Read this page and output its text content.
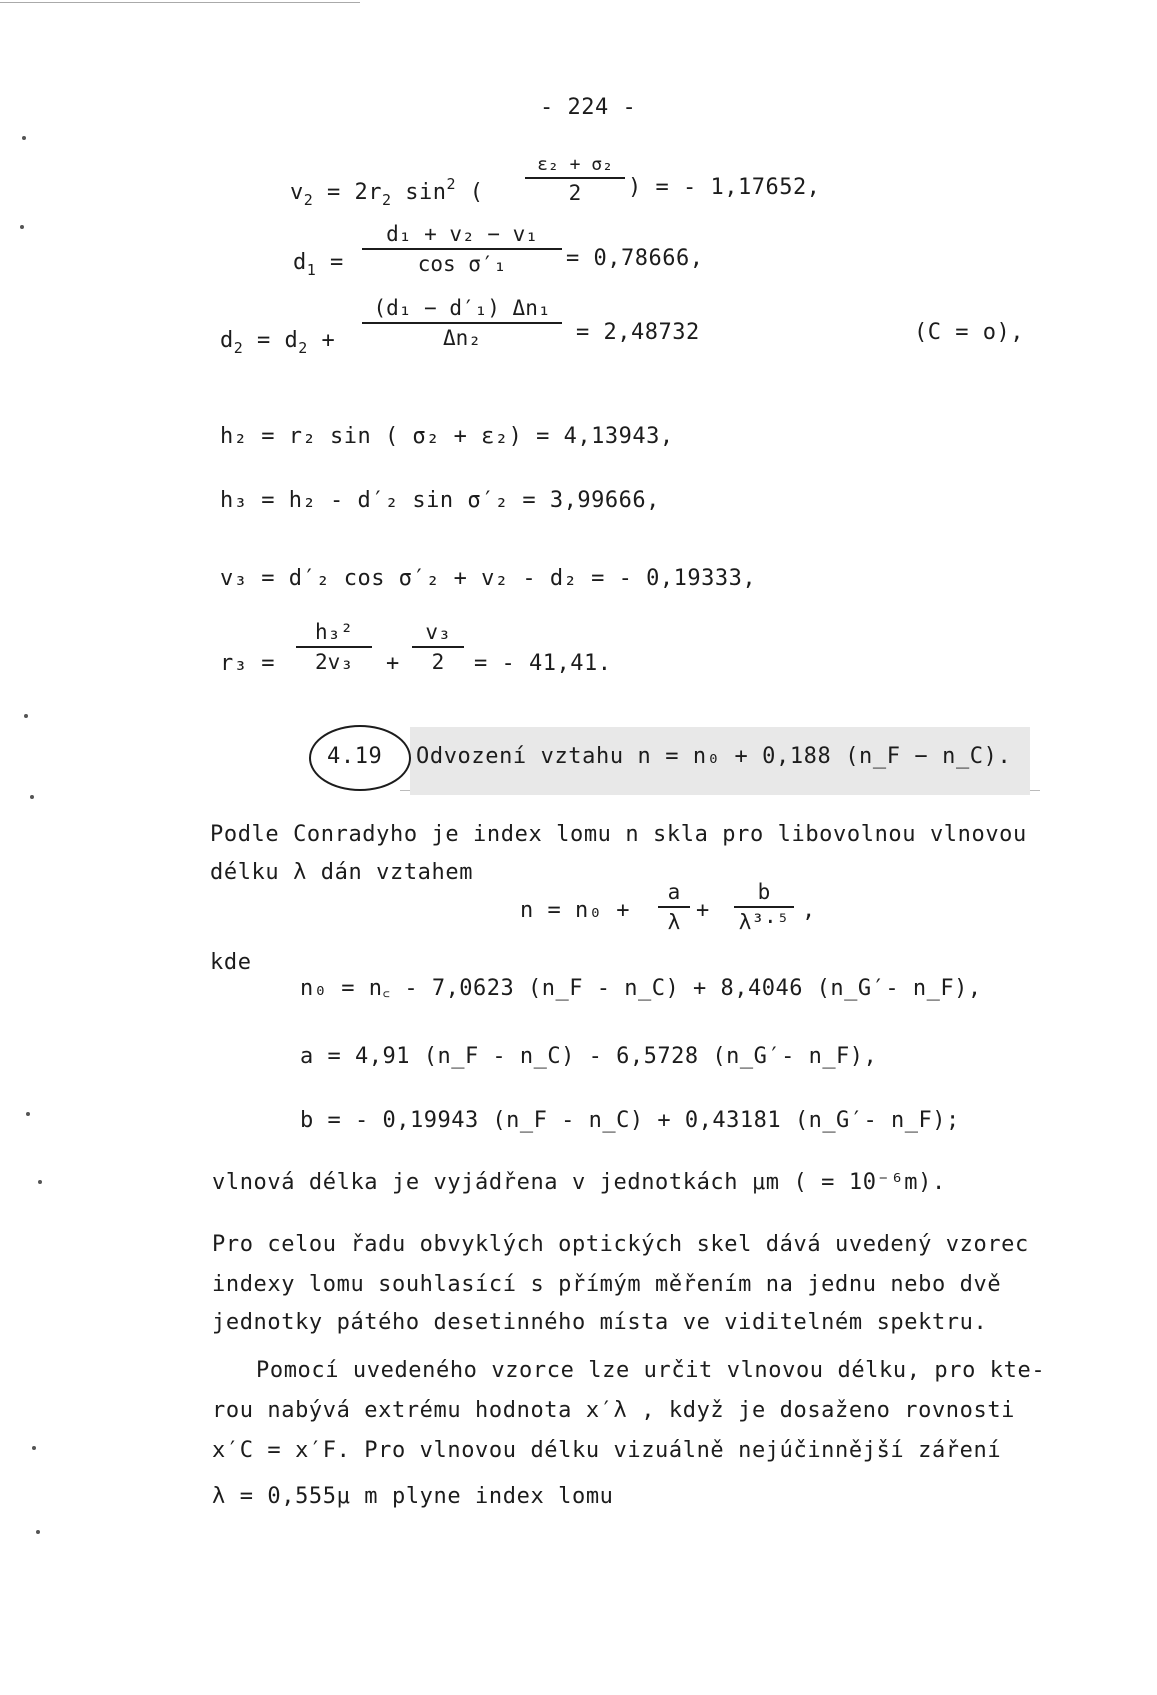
- 224 -
$v_2 = 2r_2$ $\sin^2$ (
ε₂ + σ₂
2	) = - 1,17652,
$d_1$ =
d₁ + v₂ − v₁
cos σ′₁	= 0,78666,
$d_2 = d_2$ +
(d₁ − d′₁) Δn₁
Δn₂	= 2,48732	(C = o),
h₂ = r₂ sin ( σ₂ + ε₂) = 4,13943,
h₃ = h₂ - d′₂ sin σ′₂ = 3,99666,
v₃ = d′₂ cos σ′₂ + v₂ - d₂ = - 0,19333,
r₃ =
h₃²
2v₃	+
v₃
2	= - 41,41.
4.19 Odvození vztahu n = n₀ + 0,188 (n_F − n_C).
Podle Conradyho je index lomu n skla pro libovolnou vlnovou
délku λ dán vztahem
n = n₀ +
a
λ +
b
λ³·⁵ ,
kde
n₀ = n꜀ - 7,0623 (n_F - n_C) + 8,4046 (n_G′- n_F),
a = 4,91 (n_F - n_C) - 6,5728 (n_G′- n_F),
b = - 0,19943 (n_F - n_C) + 0,43181 (n_G′- n_F);
vlnová délka je vyjádřena v jednotkách μm ( = 10⁻⁶m).
Pro celou řadu obvyklých optických skel dává uvedený vzorec
indexy lomu souhlasící s přímým měřením na jednu nebo dvě
jednotky pátého desetinného místa ve viditelném spektru.
Pomocí uvedeného vzorce lze určit vlnovou délku, pro kte-
rou nabývá extrému hodnota x′λ , když je dosaženo rovnosti
x′C = x′F. Pro vlnovou délku vizuálně nejúčinnější záření
λ = 0,555μ m plyne index lomu
